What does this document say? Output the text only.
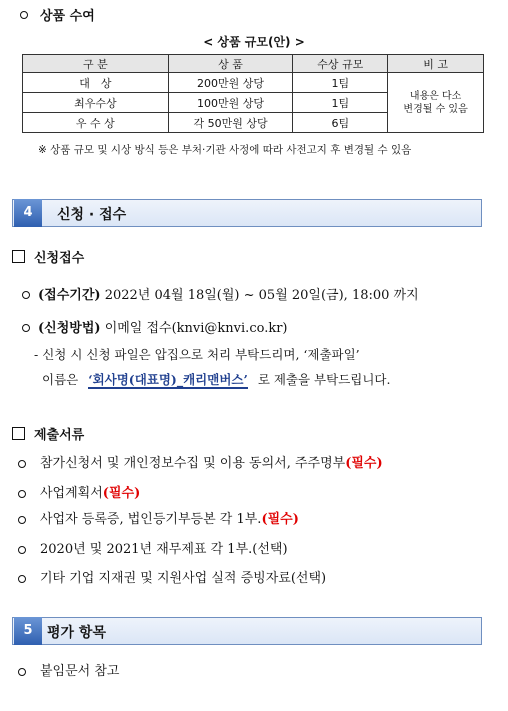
상품 수여
< 상품 규모(안) >
구 분	상 품	수상 규모	비 고
대　상	200만원 상당	1팀	내용은 다소
변경될 수 있음

최우수상	100만원 상당	1팀	
우 수 상	각 50만원 상당	6팀	
※ 상품 규모 및 시상 방식 등은 부처·기관 사정에 따라 사전고지 후 변경될 수 있음
4	신청 · 접수
신청접수
(접수기간) 2022년 04월 18일(월) ~ 05월 20일(금), 18:00 까지
(신청방법) 이메일 접수(knvi@knvi.co.kr)
- 신청 시 신청 파일은 압집으로 처리 부탁드리며, ‘제출파일’
이름은 ‘회사명(대표명)_캐리맨버스’ 로 제출을 부탁드립니다.
제출서류
참가신청서 및 개인정보수집 및 이용 동의서, 주주명부(필수)
사업계획서(필수)
사업자 등록증, 법인등기부등본 각 1부.(필수)
2020년 및 2021년 재무제표 각 1부.(선택)
기타 기업 지재권 및 지원사업 실적 증빙자료(선택)
5	평가 항목
붙임문서 참고
